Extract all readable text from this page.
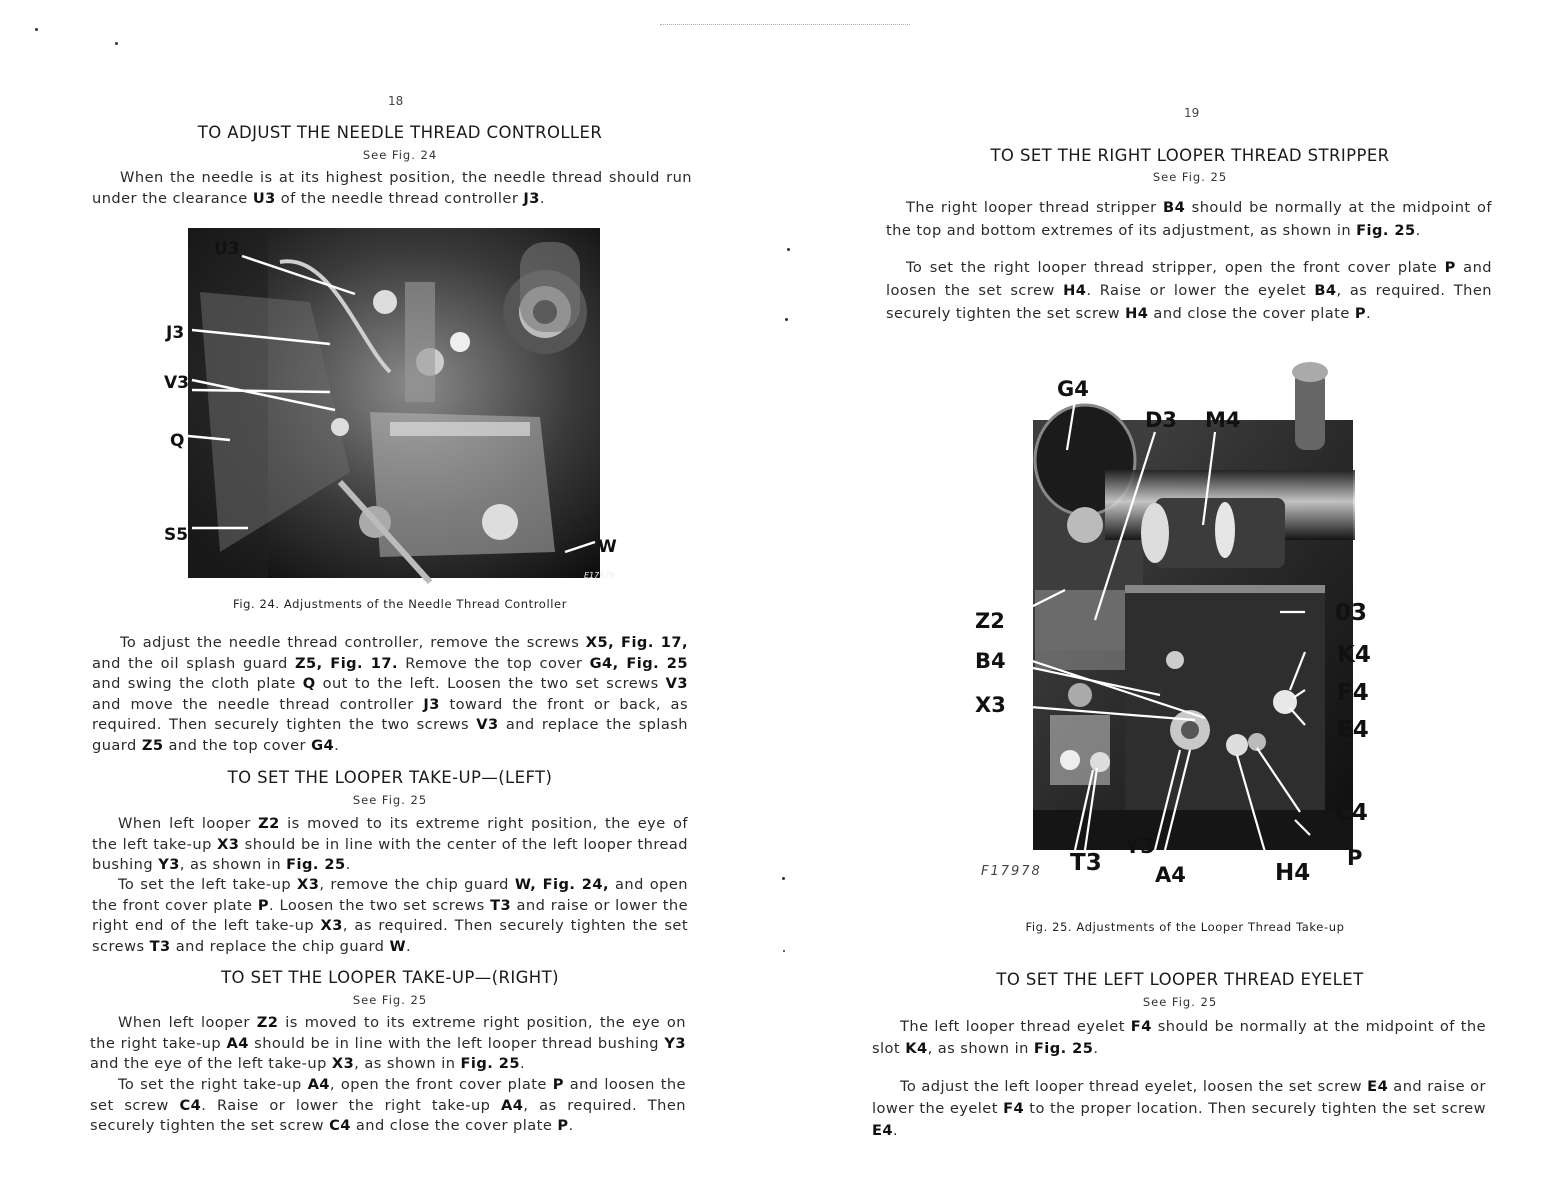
18
TO ADJUST THE NEEDLE THREAD CONTROLLER
See Fig. 24

When the needle is at its highest position, the needle thread should run under the clearance U3 of the needle thread controller J3.

U3
J3
V3
Q
S5
W
E17979
Fig. 24. Adjustments of the Needle Thread Controller

To adjust the needle thread controller, remove the screws X5, Fig. 17, and the oil splash guard Z5, Fig. 17. Remove the top cover G4, Fig. 25 and swing the cloth plate Q out to the left. Loosen the two set screws V3 and move the needle thread controller J3 toward the front or back, as required. Then securely tighten the two screws V3 and replace the splash guard Z5 and the top cover G4.

TO SET THE LOOPER TAKE-UP—(LEFT)
See Fig. 25

When left looper Z2 is moved to its extreme right position, the eye of the left take-up X3 should be in line with the center of the left looper thread bushing Y3, as shown in Fig. 25.

To set the left take-up X3, remove the chip guard W, Fig. 24, and open the front cover plate P. Loosen the two set screws T3 and raise or lower the right end of the left take-up X3, as required. Then securely tighten the set screws T3 and replace the chip guard W.

TO SET THE LOOPER TAKE-UP—(RIGHT)
See Fig. 25

When left looper Z2 is moved to its extreme right position, the eye on the right take-up A4 should be in line with the left looper thread bushing Y3 and the eye of the left take-up X3, as shown in Fig. 25.

To set the right take-up A4, open the front cover plate P and loosen the set screw C4. Raise or lower the right take-up A4, as required. Then securely tighten the set screw C4 and close the cover plate P.

19
TO SET THE RIGHT LOOPER THREAD STRIPPER
See Fig. 25

The right looper thread stripper B4 should be normally at the midpoint of the top and bottom extremes of its adjustment, as shown in Fig. 25.

To set the right looper thread stripper, open the front cover plate P and loosen the set screw H4. Raise or lower the eyelet B4, as required. Then securely tighten the set screw H4 and close the cover plate P.

G4
D3 M4
Z2
B4
X3
03
K4
F4
E4
C4
T3
Y3
A4	H4
P
F17978
Fig. 25. Adjustments of the Looper Thread Take-up
TO SET THE LEFT LOOPER THREAD EYELET
See Fig. 25

The left looper thread eyelet F4 should be normally at the midpoint of the slot K4, as shown in Fig. 25.

To adjust the left looper thread eyelet, loosen the set screw E4 and raise or lower the eyelet F4 to the proper location. Then securely tighten the set screw E4.
